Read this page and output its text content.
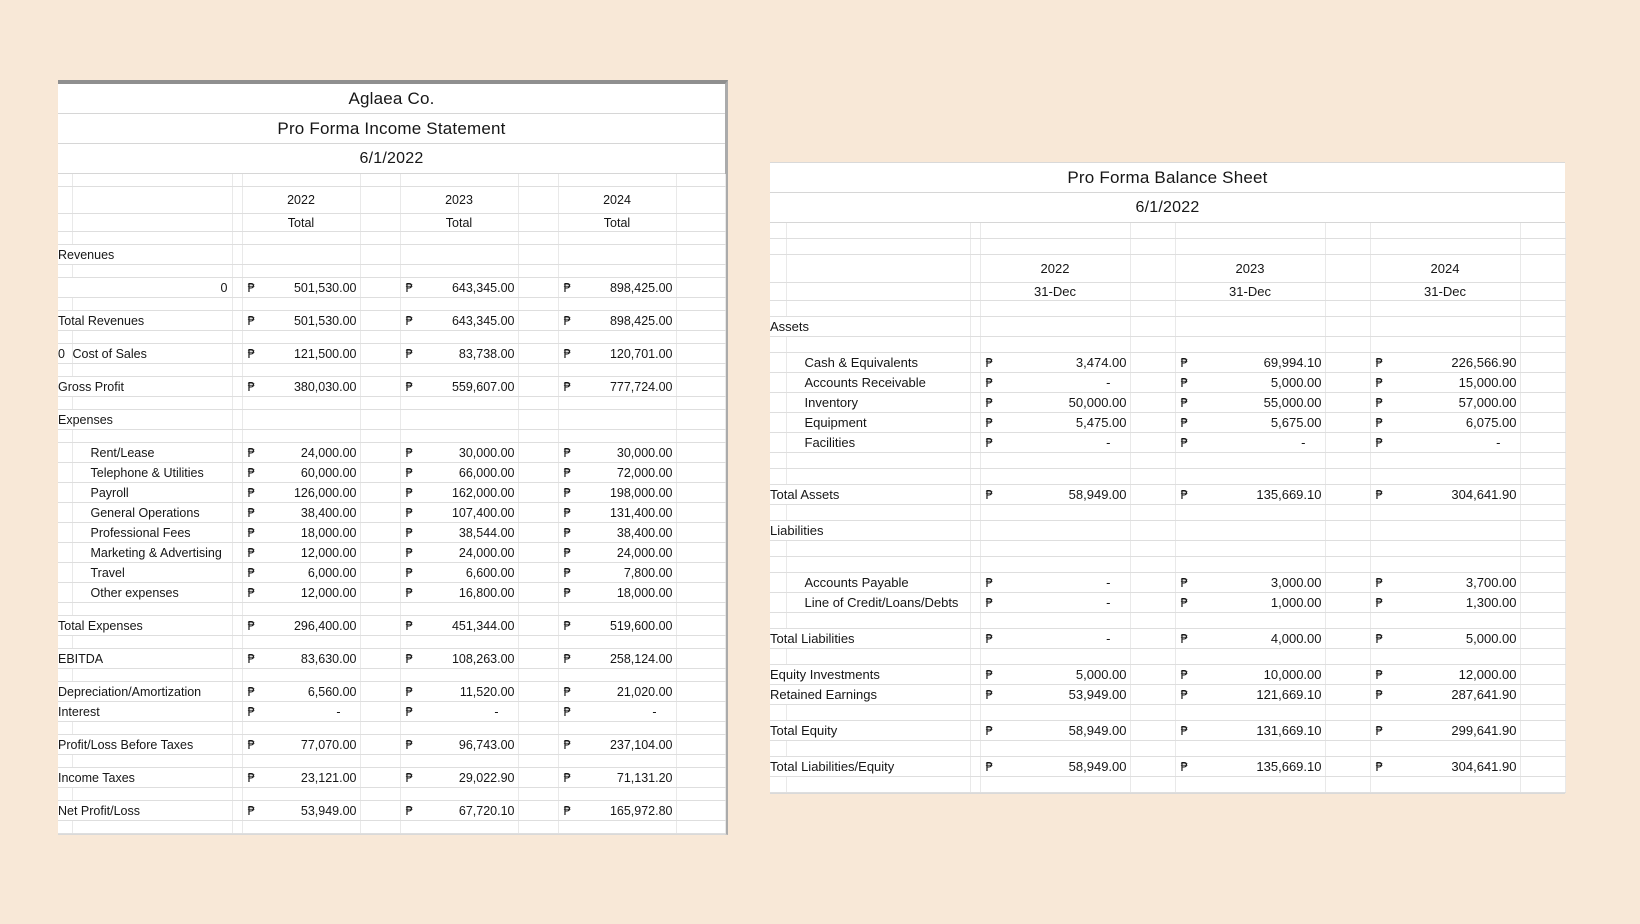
Aglaea Co.
Pro Forma Income Statement
6/1/2022

			2022		2023		2024	
			Total		Total		Total	

Revenues								

0			₱ 501,530.00		₱ 643,345.00		₱ 898,425.00	

Total Revenues			₱ 501,530.00		₱ 643,345.00		₱ 898,425.00	

0	Cost of Sales		₱ 121,500.00		₱ 83,738.00		₱ 120,701.00	

Gross Profit			₱ 380,030.00		₱ 559,607.00		₱ 777,724.00	

Expenses								

	Rent/Lease		₱ 24,000.00		₱ 30,000.00		₱ 30,000.00	

	Telephone & Utilities		₱ 60,000.00		₱ 66,000.00		₱ 72,000.00	

	Payroll		₱ 126,000.00		₱ 162,000.00		₱ 198,000.00	

	General Operations		₱ 38,400.00		₱ 107,400.00		₱ 131,400.00	

	Professional Fees		₱ 18,000.00		₱ 38,544.00		₱ 38,400.00	

	Marketing & Advertising		₱ 12,000.00		₱ 24,000.00		₱ 24,000.00	

	Travel		₱ 6,000.00		₱ 6,600.00		₱ 7,800.00	

	Other expenses		₱ 12,000.00		₱ 16,800.00		₱ 18,000.00	

Total Expenses			₱ 296,400.00		₱ 451,344.00		₱ 519,600.00	

EBITDA			₱ 83,630.00		₱ 108,263.00		₱ 258,124.00	

Depreciation/Amortization			₱ 6,560.00		₱ 11,520.00		₱ 21,020.00	

Interest			₱ -		₱ -		₱ -	

Profit/Loss Before Taxes			₱ 77,070.00		₱ 96,743.00		₱ 237,104.00	

Income Taxes			₱ 23,121.00		₱ 29,022.90		₱ 71,131.20	

Net Profit/Loss			₱ 53,949.00		₱ 67,720.10		₱ 165,972.80	

Pro Forma Balance Sheet
6/1/2022

			2022		2023		2024	
			31-Dec		31-Dec		31-Dec	

Assets								

	Cash & Equivalents		₱ 3,474.00		₱ 69,994.10		₱ 226,566.90	

	Accounts Receivable		₱ -		₱ 5,000.00		₱ 15,000.00	

	Inventory		₱ 50,000.00		₱ 55,000.00		₱ 57,000.00	

	Equipment		₱ 5,475.00		₱ 5,675.00		₱ 6,075.00	

	Facilities		₱ -		₱ -		₱ -	

Total Assets			₱ 58,949.00		₱ 135,669.10		₱ 304,641.90	

Liabilities								

	Accounts Payable		₱ -		₱ 3,000.00		₱ 3,700.00	

	Line of Credit/Loans/Debts		₱ -		₱ 1,000.00		₱ 1,300.00	

Total Liabilities			₱ -		₱ 4,000.00		₱ 5,000.00	

Equity Investments			₱ 5,000.00		₱ 10,000.00		₱ 12,000.00	

Retained Earnings			₱ 53,949.00		₱ 121,669.10		₱ 287,641.90	

Total Equity			₱ 58,949.00		₱ 131,669.10		₱ 299,641.90	

Total Liabilities/Equity			₱ 58,949.00		₱ 135,669.10		₱ 304,641.90	
